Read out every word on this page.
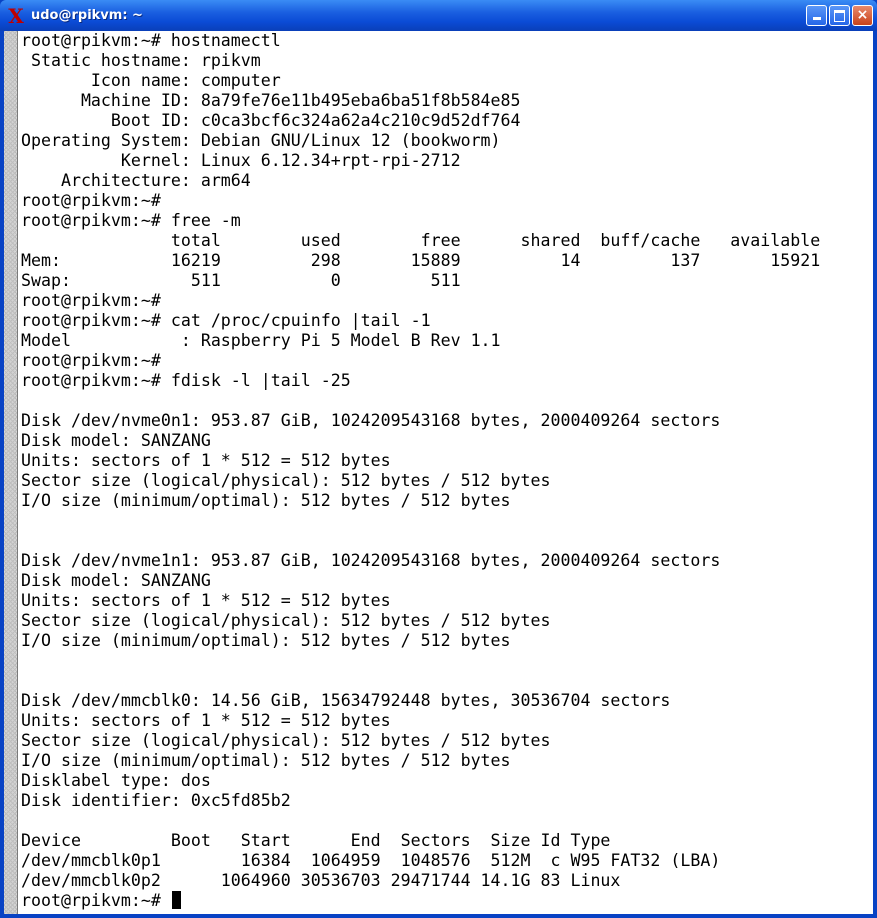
X udo@rpikvm: ~	×
root@rpikvm:~# hostnamectl
Static hostname: rpikvm
Icon name: computer
Machine ID: 8a79fe76e11b495eba6ba51f8b584e85
Boot ID: c0ca3bcf6c324a62a4c210c9d52df764
Operating System: Debian GNU/Linux 12 (bookworm)
Kernel: Linux 6.12.34+rpt-rpi-2712
Architecture: arm64
root@rpikvm:~#
root@rpikvm:~# free -m
total        used        free      shared  buff/cache   available
Mem:           16219         298       15889          14         137       15921
Swap:            511           0         511
root@rpikvm:~#
root@rpikvm:~# cat /proc/cpuinfo |tail -1
Model           : Raspberry Pi 5 Model B Rev 1.1
root@rpikvm:~#
root@rpikvm:~# fdisk -l |tail -25
Disk /dev/nvme0n1: 953.87 GiB, 1024209543168 bytes, 2000409264 sectors
Disk model: SANZANG
Units: sectors of 1 * 512 = 512 bytes
Sector size (logical/physical): 512 bytes / 512 bytes
I/O size (minimum/optimal): 512 bytes / 512 bytes
Disk /dev/nvme1n1: 953.87 GiB, 1024209543168 bytes, 2000409264 sectors
Disk model: SANZANG
Units: sectors of 1 * 512 = 512 bytes
Sector size (logical/physical): 512 bytes / 512 bytes
I/O size (minimum/optimal): 512 bytes / 512 bytes
Disk /dev/mmcblk0: 14.56 GiB, 15634792448 bytes, 30536704 sectors
Units: sectors of 1 * 512 = 512 bytes
Sector size (logical/physical): 512 bytes / 512 bytes
I/O size (minimum/optimal): 512 bytes / 512 bytes
Disklabel type: dos
Disk identifier: 0xc5fd85b2
Device         Boot   Start      End  Sectors  Size Id Type
/dev/mmcblk0p1        16384  1064959  1048576  512M  c W95 FAT32 (LBA)
/dev/mmcblk0p2      1064960 30536703 29471744 14.1G 83 Linux
root@rpikvm:~#
